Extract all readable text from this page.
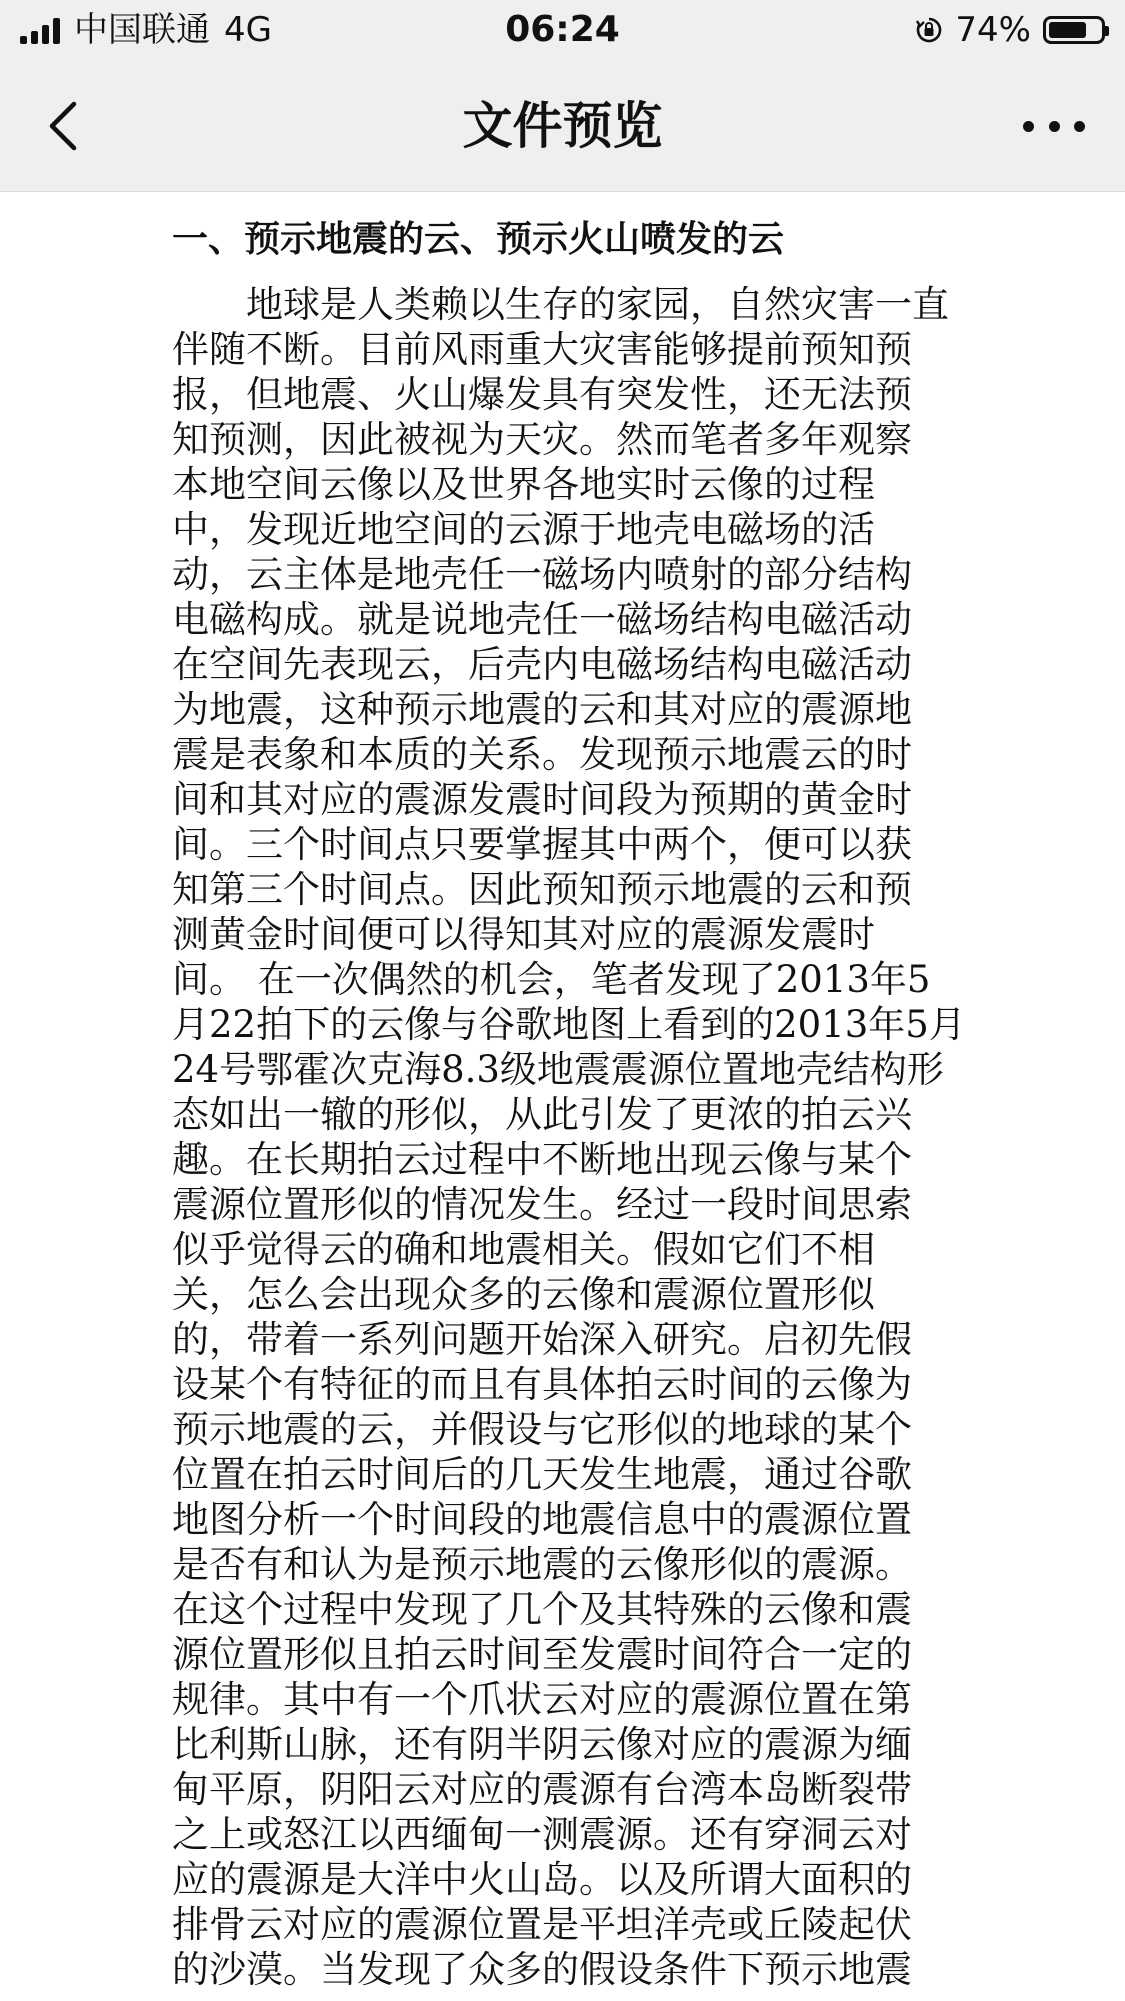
中国联通 4G	06:24	74%
文件预览
一、预示地震的云、预示火山喷发的云
　　地球是人类赖以生存的家园，自然灾害一直
伴随不断。目前风雨重大灾害能够提前预知预
报，但地震、火山爆发具有突发性，还无法预
知预测，因此被视为天灾。然而笔者多年观察
本地空间云像以及世界各地实时云像的过程
中，发现近地空间的云源于地壳电磁场的活
动，云主体是地壳任一磁场内喷射的部分结构
电磁构成。就是说地壳任一磁场结构电磁活动
在空间先表现云，后壳内电磁场结构电磁活动
为地震，这种预示地震的云和其对应的震源地
震是表象和本质的关系。发现预示地震云的时
间和其对应的震源发震时间段为预期的黄金时
间。三个时间点只要掌握其中两个，便可以获
知第三个时间点。因此预知预示地震的云和预
测黄金时间便可以得知其对应的震源发震时
间。 在一次偶然的机会，笔者发现了2013年5
月22拍下的云像与谷歌地图上看到的2013年5月
24号鄂霍次克海8.3级地震震源位置地壳结构形
态如出一辙的形似，从此引发了更浓的拍云兴
趣。在长期拍云过程中不断地出现云像与某个
震源位置形似的情况发生。经过一段时间思索
似乎觉得云的确和地震相关。假如它们不相
关，怎么会出现众多的云像和震源位置形似
的，带着一系列问题开始深入研究。启初先假
设某个有特征的而且有具体拍云时间的云像为
预示地震的云，并假设与它形似的地球的某个
位置在拍云时间后的几天发生地震，通过谷歌
地图分析一个时间段的地震信息中的震源位置
是否有和认为是预示地震的云像形似的震源。
在这个过程中发现了几个及其特殊的云像和震
源位置形似且拍云时间至发震时间符合一定的
规律。其中有一个爪状云对应的震源位置在第
比利斯山脉，还有阴半阴云像对应的震源为缅
甸平原，阴阳云对应的震源有台湾本岛断裂带
之上或怒江以西缅甸一测震源。还有穿洞云对
应的震源是大洋中火山岛。以及所谓大面积的
排骨云对应的震源位置是平坦洋壳或丘陵起伏
的沙漠。当发现了众多的假设条件下预示地震
